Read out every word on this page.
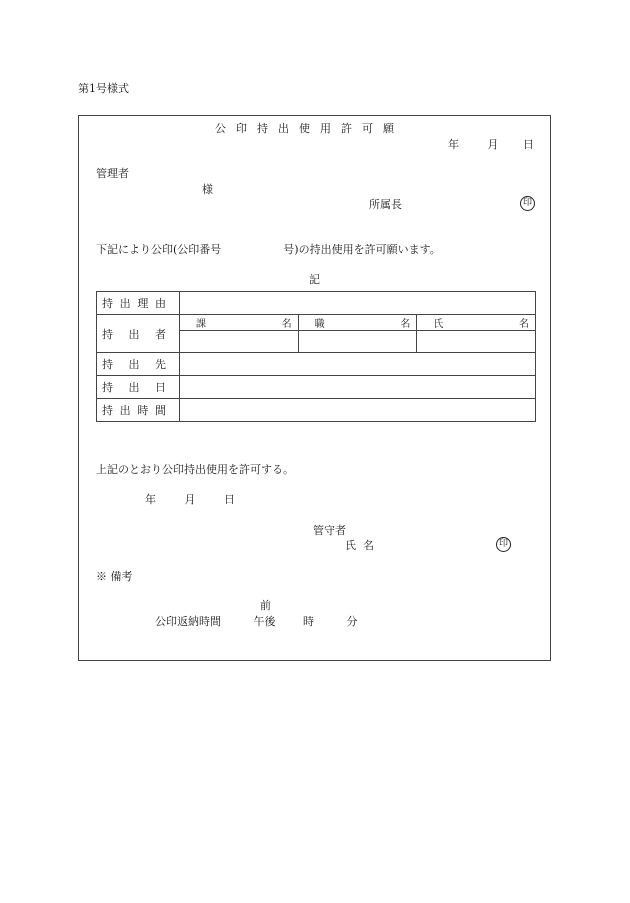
第1号様式
公印持出使用許可願
年	月 日
管理者
様
所属長	印
下記により公印(公印番号	号)の持出使用を許可願います。
記
持 出 理 由			

持 出 者	課 名	職 名	氏 名

持 出 先			

持 出 日			

持 出 時 間			

上記のとおり公印持出使用を許可する。
年	月	日
管守者
氏名	印
※ 備考
前
公印返納時間	午後	時	分
